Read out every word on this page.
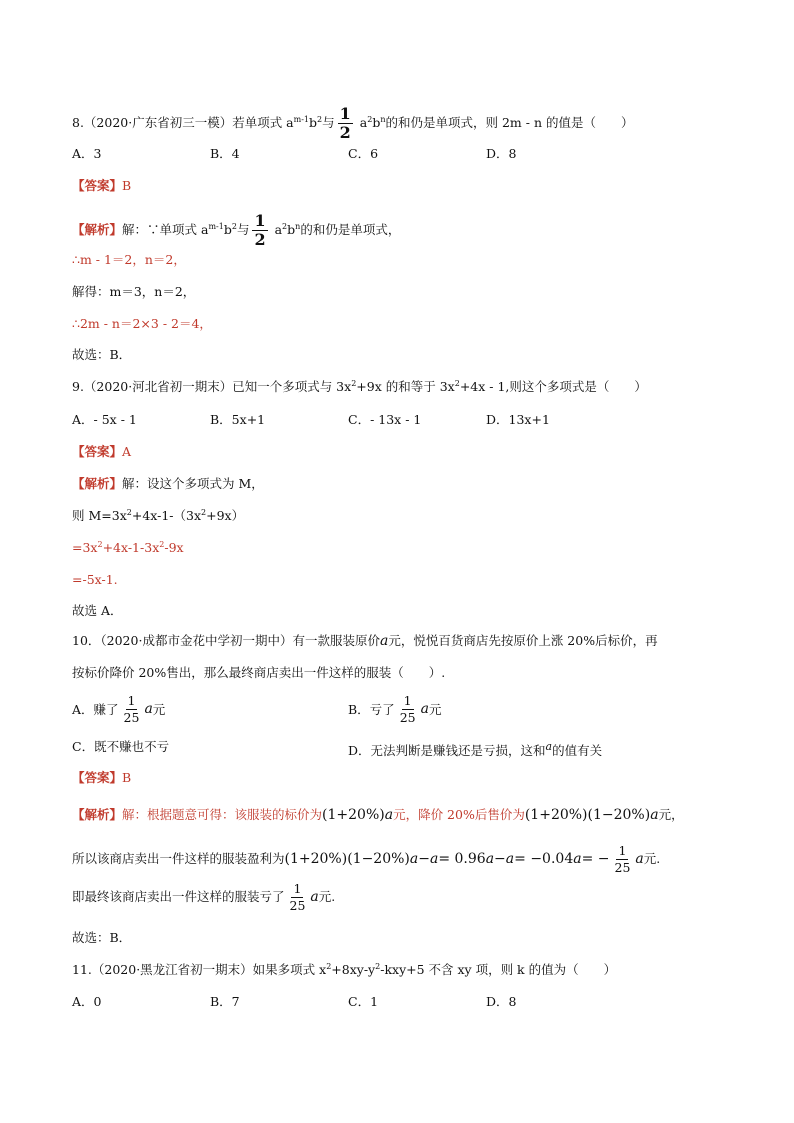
8.（2020·广东省初三一模）若单项式 $a^{m-1}b^2$与 $\frac{1}{2} a^2b^n$的和仍是单项式，则 2m - n 的值是（　　）
A．3	B．4	C．6	D．8
【答案】B
【解析】解：∵单项式 $a^{m-1}b^2$与 $\frac{1}{2} a^2b^n$的和仍是单项式，
∴m - 1＝2，n＝2，
解得：m＝3，n＝2，
∴2m - n＝2×3 - 2＝4，
故选：B．
9.（2020·河北省初一期末）已知一个多项式与 $3x^2+9x$ 的和等于 $3x^2+4x - 1$,则这个多项式是（　　）
A．- 5x - 1	B．5x+1	C．- 13x - 1	D．13x+1
【答案】A
【解析】解：设这个多项式为 M，
则 $M=3x^2+4x-1-(3x^2+9x)$
$=3x^2+4x-1-3x^2-9x$
=-5x-1.
故选 A．
10．（2020·成都市金花中学初一期中）有一款服装原价a元，悦悦百货商店先按原价上涨 20%后标价，再
按标价降价 20%售出，那么最终商店卖出一件这样的服装（　　）.
A．赚了 $\frac{1}{25}$ a 元	B．亏了 $\frac{1}{25}$ a 元
C．既不赚也不亏	D．无法判断是赚钱还是亏损，这和a的值有关
【答案】B
【解析】解：根据题意可得：该服装的标价为(1+20%)a元，降价 20%后售价为(1+20%)(1−20%)a元，
所以该商店卖出一件这样的服装盈利为 (1+20%)(1−20%) a − a = 0.96 a − a = −0.04 a = − $\frac{1}{25}$ a 元.
即最终该商店卖出一件这样的服装亏了 $\frac{1}{25}$ a 元.
故选：B．
11.（2020·黑龙江省初一期末）如果多项式 $x^2+8xy-y^2-kxy+5$ 不含 xy 项，则 k 的值为（　　）
A．0	B．7	C．1	D．8
